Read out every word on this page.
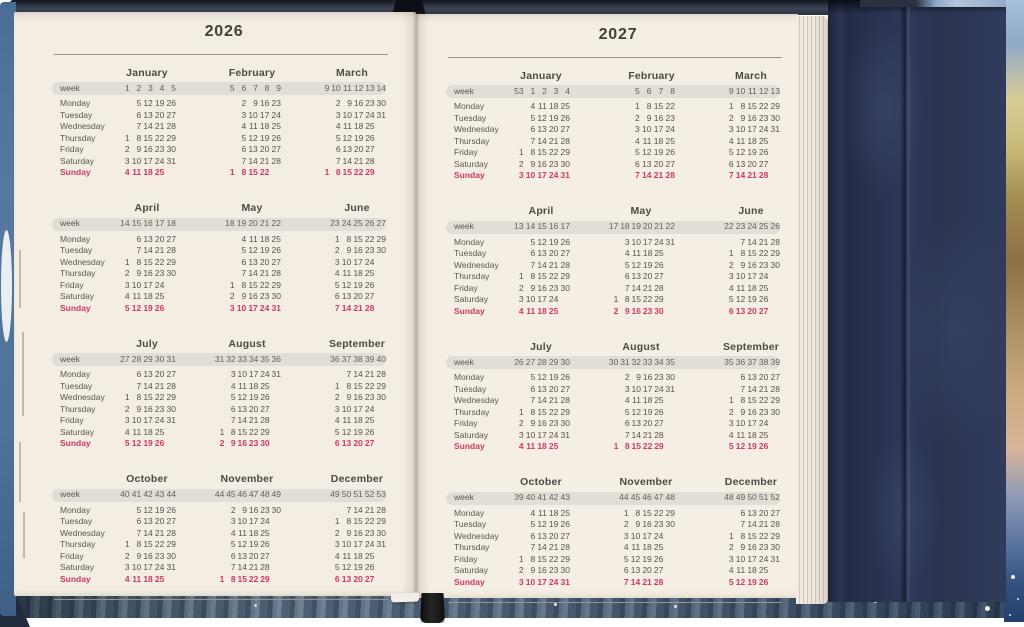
2026
January	February	March
week	1 2 3 4 5	5 6 7 8 9	9 10 11 12 13 14
Monday	5 12 19 26	2 9 16 23	2 9 16 23 30
Tuesday	6 13 20 27	3 10 17 24	3 10 17 24 31
Wednesday	7 14 21 28	4 11 18 25	4 11 18 25
Thursday	1 8 15 22 29	5 12 19 26	5 12 19 26
Friday	2 9 16 23 30	6 13 20 27	6 13 20 27
Saturday	3 10 17 24 31	7 14 21 28	7 14 21 28
Sunday	4 11 18 25	1 8 15 22	1 8 15 22 29
April	May	June
week	14 15 16 17 18	18 19 20 21 22	23 24 25 26 27
Monday	6 13 20 27	4 11 18 25	1 8 15 22 29
Tuesday	7 14 21 28	5 12 19 26	2 9 16 23 30
Wednesday	1 8 15 22 29	6 13 20 27	3 10 17 24
Thursday	2 9 16 23 30	7 14 21 28	4 11 18 25
Friday	3 10 17 24	1 8 15 22 29	5 12 19 26
Saturday	4 11 18 25	2 9 16 23 30	6 13 20 27
Sunday	5 12 19 26	3 10 17 24 31	7 14 21 28
July	August	September
week	27 28 29 30 31	31 32 33 34 35 36	36 37 38 39 40
Monday	6 13 20 27	3 10 17 24 31	7 14 21 28
Tuesday	7 14 21 28	4 11 18 25	1 8 15 22 29
Wednesday	1 8 15 22 29	5 12 19 26	2 9 16 23 30
Thursday	2 9 16 23 30	6 13 20 27	3 10 17 24
Friday	3 10 17 24 31	7 14 21 28	4 11 18 25
Saturday	4 11 18 25	1 8 15 22 29	5 12 19 26
Sunday	5 12 19 26	2 9 16 23 30	6 13 20 27
October	November	December
week	40 41 42 43 44	44 45 46 47 48 49	49 50 51 52 53
Monday	5 12 19 26	2 9 16 23 30	7 14 21 28
Tuesday	6 13 20 27	3 10 17 24	1 8 15 22 29
Wednesday	7 14 21 28	4 11 18 25	2 9 16 23 30
Thursday	1 8 15 22 29	5 12 19 26	3 10 17 24 31
Friday	2 9 16 23 30	6 13 20 27	4 11 18 25
Saturday	3 10 17 24 31	7 14 21 28	5 12 19 26
Sunday	4 11 18 25	1 8 15 22 29	6 13 20 27
2027
January	February	March
week	53 1 2 3 4	5 6 7 8	9 10 11 12 13
Monday	4 11 18 25	1 8 15 22	1 8 15 22 29
Tuesday	5 12 19 26	2 9 16 23	2 9 16 23 30
Wednesday	6 13 20 27	3 10 17 24	3 10 17 24 31
Thursday	7 14 21 28	4 11 18 25	4 11 18 25
Friday	1 8 15 22 29	5 12 19 26	5 12 19 26
Saturday	2 9 16 23 30	6 13 20 27	6 13 20 27
Sunday	3 10 17 24 31	7 14 21 28	7 14 21 28
April	May	June
week	13 14 15 16 17	17 18 19 20 21 22	22 23 24 25 26
Monday	5 12 19 26	3 10 17 24 31	7 14 21 28
Tuesday	6 13 20 27	4 11 18 25	1 8 15 22 29
Wednesday	7 14 21 28	5 12 19 26	2 9 16 23 30
Thursday	1 8 15 22 29	6 13 20 27	3 10 17 24
Friday	2 9 16 23 30	7 14 21 28	4 11 18 25
Saturday	3 10 17 24	1 8 15 22 29	5 12 19 26
Sunday	4 11 18 25	2 9 16 23 30	6 13 20 27
July	August	September
week	26 27 28 29 30	30 31 32 33 34 35	35 36 37 38 39
Monday	5 12 19 26	2 9 16 23 30	6 13 20 27
Tuesday	6 13 20 27	3 10 17 24 31	7 14 21 28
Wednesday	7 14 21 28	4 11 18 25	1 8 15 22 29
Thursday	1 8 15 22 29	5 12 19 26	2 9 16 23 30
Friday	2 9 16 23 30	6 13 20 27	3 10 17 24
Saturday	3 10 17 24 31	7 14 21 28	4 11 18 25
Sunday	4 11 18 25	1 8 15 22 29	5 12 19 26
October	November	December
week	39 40 41 42 43	44 45 46 47 48	48 49 50 51 52
Monday	4 11 18 25	1 8 15 22 29	6 13 20 27
Tuesday	5 12 19 26	2 9 16 23 30	7 14 21 28
Wednesday	6 13 20 27	3 10 17 24	1 8 15 22 29
Thursday	7 14 21 28	4 11 18 25	2 9 16 23 30
Friday	1 8 15 22 29	5 12 19 26	3 10 17 24 31
Saturday	2 9 16 23 30	6 13 20 27	4 11 18 25
Sunday	3 10 17 24 31	7 14 21 28	5 12 19 26
